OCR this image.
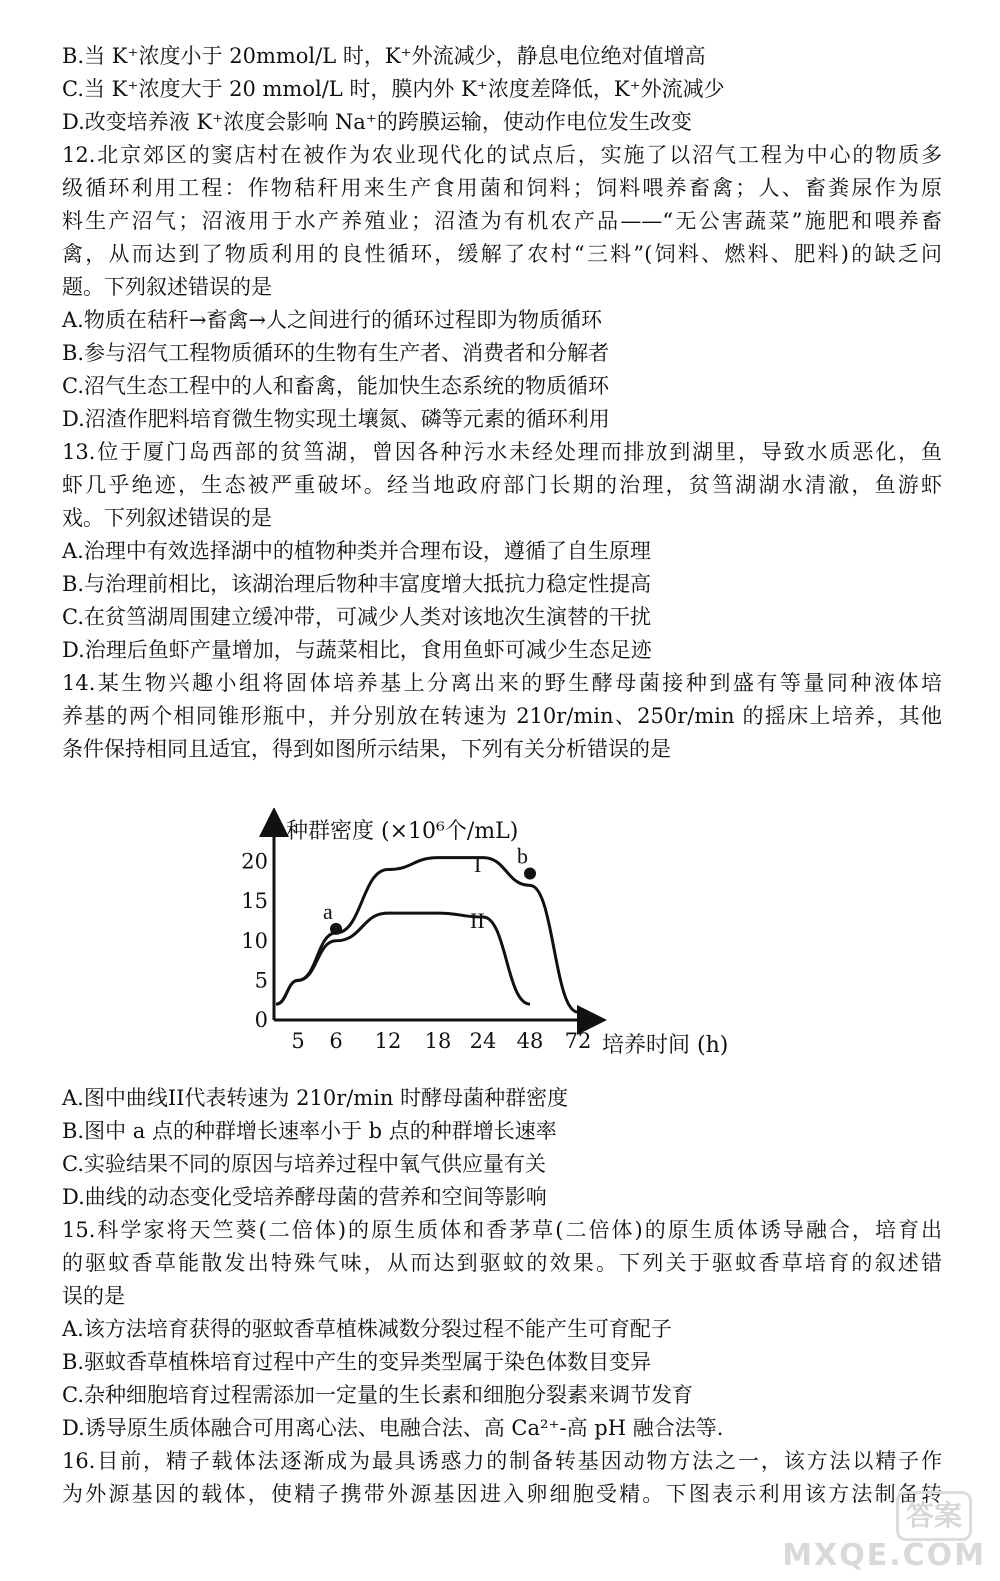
B.当 K⁺浓度小于 20mmol/L 时，K⁺外流减少，静息电位绝对值增高
C.当 K⁺浓度大于 20 mmol/L 时，膜内外 K⁺浓度差降低，K⁺外流减少
D.改变培养液 K⁺浓度会影响 Na⁺的跨膜运输，使动作电位发生改变
12.北京郊区的窦店村在被作为农业现代化的试点后，实施了以沼气工程为中心的物质多
级循环利用工程：作物秸秆用来生产食用菌和饲料；饲料喂养畜禽；人、畜粪尿作为原
料生产沼气；沼液用于水产养殖业；沼渣为有机农产品——“无公害蔬菜”施肥和喂养畜
禽，从而达到了物质利用的良性循环，缓解了农村“三料”(饲料、燃料、肥料)的缺乏问
题。下列叙述错误的是
A.物质在秸秆→畜禽→人之间进行的循环过程即为物质循环
B.参与沼气工程物质循环的生物有生产者、消费者和分解者
C.沼气生态工程中的人和畜禽，能加快生态系统的物质循环
D.沼渣作肥料培育微生物实现土壤氮、磷等元素的循环利用
13.位于厦门岛西部的贫筜湖，曾因各种污水未经处理而排放到湖里，导致水质恶化，鱼
虾几乎绝迹，生态被严重破坏。经当地政府部门长期的治理，贫筜湖湖水清澈，鱼游虾
戏。下列叙述错误的是
A.治理中有效选择湖中的植物种类并合理布设，遵循了自生原理
B.与治理前相比，该湖治理后物种丰富度增大抵抗力稳定性提高
C.在贫筜湖周围建立缓冲带，可减少人类对该地次生演替的干扰
D.治理后鱼虾产量增加，与蔬菜相比，食用鱼虾可减少生态足迹
14.某生物兴趣小组将固体培养基上分离出来的野生酵母菌接种到盛有等量同种液体培
养基的两个相同锥形瓶中，并分别放在转速为 210r/min、250r/min 的摇床上培养，其他
条件保持相同且适宜，得到如图所示结果，下列有关分析错误的是
种群密度 (×10⁶个/mL)
培养时间 (h)
0
5
10
15
20
5 6 12 18 24 48 72
I
II
a
b
A.图中曲线II代表转速为 210r/min 时酵母菌种群密度
B.图中 a 点的种群增长速率小于 b 点的种群增长速率
C.实验结果不同的原因与培养过程中氧气供应量有关
D.曲线的动态变化受培养酵母菌的营养和空间等影响
15.科学家将天竺葵(二倍体)的原生质体和香茅草(二倍体)的原生质体诱导融合，培育出
的驱蚊香草能散发出特殊气味，从而达到驱蚊的效果。下列关于驱蚊香草培育的叙述错
误的是
A.该方法培育获得的驱蚊香草植株减数分裂过程不能产生可育配子
B.驱蚊香草植株培育过程中产生的变异类型属于染色体数目变异
C.杂种细胞培育过程需添加一定量的生长素和细胞分裂素来调节发育
D.诱导原生质体融合可用离心法、电融合法、高 Ca²⁺-高 pH 融合法等.
16.目前，精子载体法逐渐成为最具诱惑力的制备转基因动物方法之一，该方法以精子作
为外源基因的载体，使精子携带外源基因进入卵细胞受精。下图表示利用该方法制备转
答案
MXQE.COM
